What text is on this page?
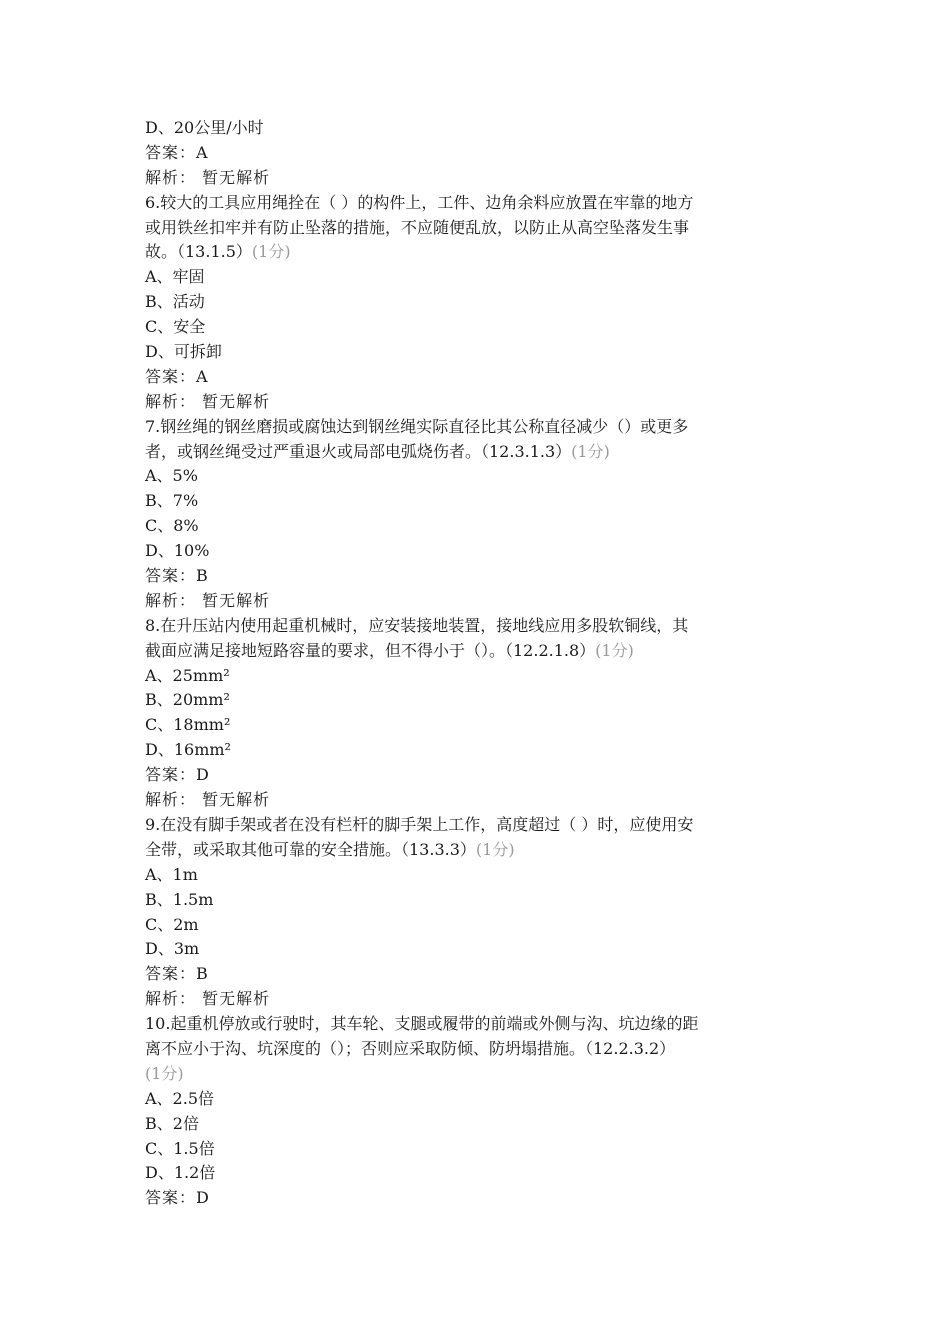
D、20公里/小时
答案：A
解析： 暂无解析
6.较大的工具应用绳拴在（ ）的构件上，工件、边角余料应放置在牢靠的地方
或用铁丝扣牢并有防止坠落的措施，不应随便乱放，以防止从高空坠落发生事
故。（13.1.5）(1分)
A、牢固
B、活动
C、安全
D、可拆卸
答案：A
解析： 暂无解析
7.钢丝绳的钢丝磨损或腐蚀达到钢丝绳实际直径比其公称直径减少（）或更多
者，或钢丝绳受过严重退火或局部电弧烧伤者。（12.3.1.3）(1分)
A、5%
B、7%
C、8%
D、10%
答案：B
解析： 暂无解析
8.在升压站内使用起重机械时，应安装接地装置，接地线应用多股软铜线，其
截面应满足接地短路容量的要求，但不得小于（）。（12.2.1.8）(1分)
A、25mm²
B、20mm²
C、18mm²
D、16mm²
答案：D
解析： 暂无解析
9.在没有脚手架或者在没有栏杆的脚手架上工作，高度超过（ ）时，应使用安
全带，或采取其他可靠的安全措施。（13.3.3）(1分)
A、1m
B、1.5m
C、2m
D、3m
答案：B
解析： 暂无解析
10.起重机停放或行驶时，其车轮、支腿或履带的前端或外侧与沟、坑边缘的距
离不应小于沟、坑深度的（）；否则应采取防倾、防坍塌措施。（12.2.3.2）
(1分)
A、2.5倍
B、2倍
C、1.5倍
D、1.2倍
答案：D
